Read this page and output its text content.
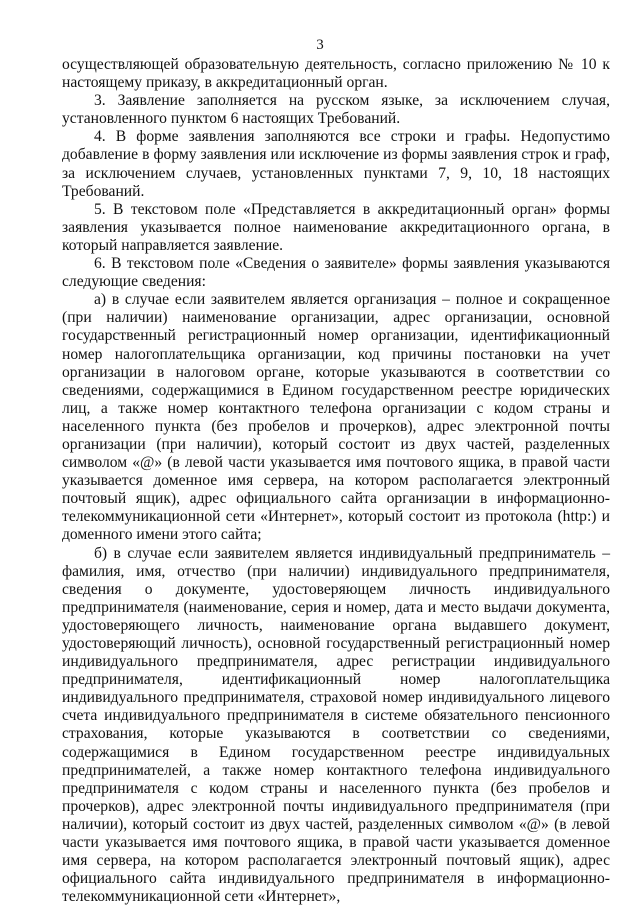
3

осуществляющей образовательную деятельность, согласно приложению № 10 к настоящему приказу, в аккредитационный орган.

3. Заявление заполняется на русском языке, за исключением случая, установленного пунктом 6 настоящих Требований.

4. В форме заявления заполняются все строки и графы. Недопустимо добавление в форму заявления или исключение из формы заявления строк и граф, за исключением случаев, установленных пунктами 7, 9, 10, 18 настоящих Требований.

5. В текстовом поле «Представляется в аккредитационный орган» формы заявления указывается полное наименование аккредитационного органа, в который направляется заявление.

6. В текстовом поле «Сведения о заявителе» формы заявления указываются следующие сведения:

а) в случае если заявителем является организация – полное и сокращенное (при наличии) наименование организации, адрес организации, основной государственный регистрационный номер организации, идентификационный номер налогоплательщика организации, код причины постановки на учет организации в налоговом органе, которые указываются в соответствии со сведениями, содержащимися в Едином государственном реестре юридических лиц, а также номер контактного телефона организации с кодом страны и населенного пункта (без пробелов и прочерков), адрес электронной почты организации (при наличии), который состоит из двух частей, разделенных символом «@» (в левой части указывается имя почтового ящика, в правой части указывается доменное имя сервера, на котором располагается электронный почтовый ящик), адрес официального сайта организации в информационно-телекоммуникационной сети «Интернет», который состоит из протокола (http:) и доменного имени этого сайта;

б) в случае если заявителем является индивидуальный предприниматель – фамилия, имя, отчество (при наличии) индивидуального предпринимателя, сведения о документе, удостоверяющем личность индивидуального предпринимателя (наименование, серия и номер, дата и место выдачи документа, удостоверяющего личность, наименование органа выдавшего документ, удостоверяющий личность), основной государственный регистрационный номер индивидуального предпринимателя, адрес регистрации индивидуального предпринимателя, идентификационный номер налогоплательщика индивидуального предпринимателя, страховой номер индивидуального лицевого счета индивидуального предпринимателя в системе обязательного пенсионного страхования, которые указываются в соответствии со сведениями, содержащимися в Едином государственном реестре индивидуальных предпринимателей, а также номер контактного телефона индивидуального предпринимателя с кодом страны и населенного пункта (без пробелов и прочерков), адрес электронной почты индивидуального предпринимателя (при наличии), который состоит из двух частей, разделенных символом «@» (в левой части указывается имя почтового ящика, в правой части указывается доменное имя сервера, на котором располагается электронный почтовый ящик), адрес официального сайта индивидуального предпринимателя в информационно-телекоммуникационной сети «Интернет»,
